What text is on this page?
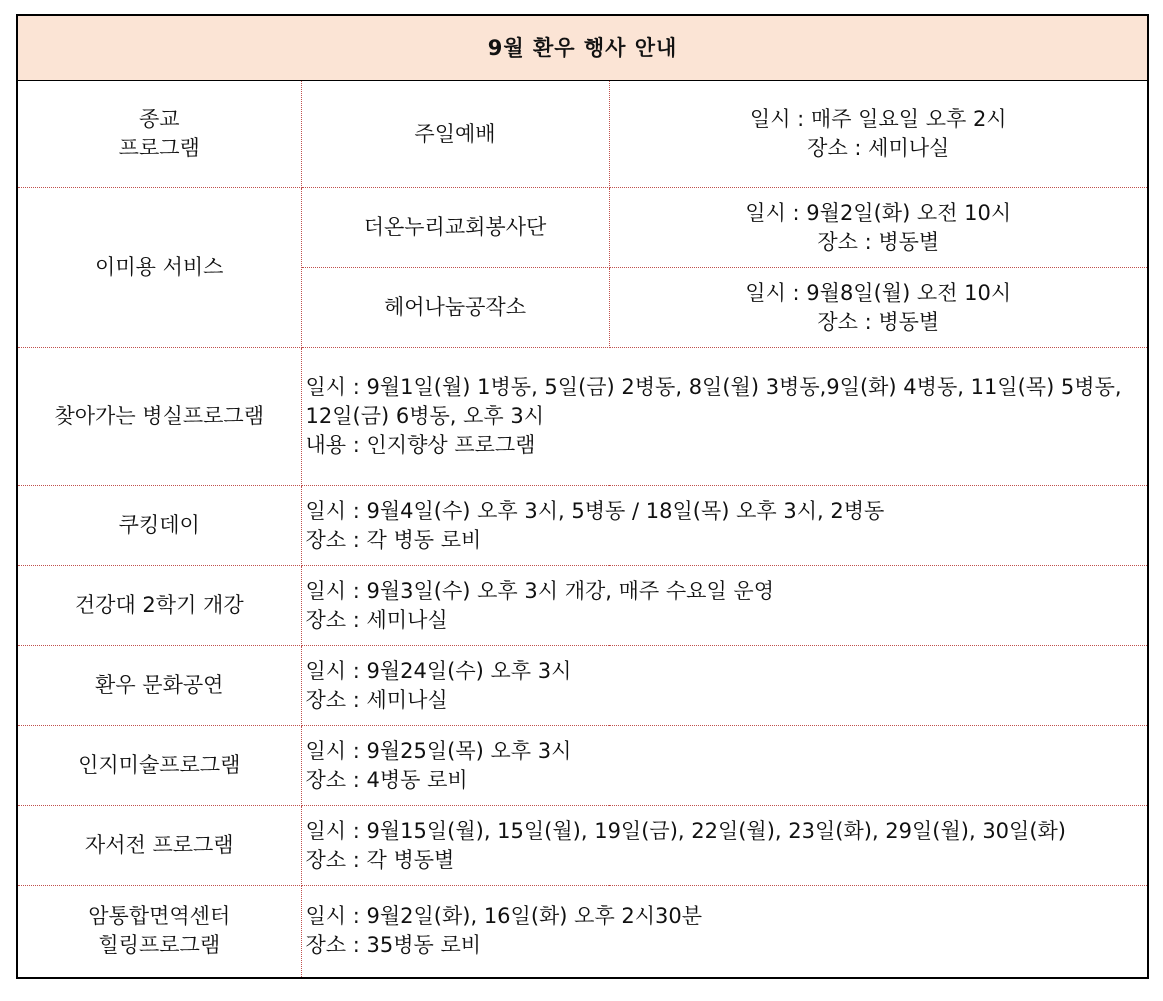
9월 환우 행사 안내		

종교
프로그램	주일예배	일시 : 매주 일요일 오후 2시
장소 : 세미나실

이미용 서비스	더온누리교회봉사단	일시 : 9월2일(화) 오전 10시
장소 : 병동별

	헤어나눔공작소	일시 : 9월8일(월) 오전 10시
장소 : 병동별

찾아가는 병실프로그램	일시 : 9월1일(월) 1병동, 5일(금) 2병동, 8일(월) 3병동,9일(화) 4병동, 11일(목) 5병동, 12일(금) 6병동, 오후 3시
내용 : 인지향상 프로그램	

쿠킹데이	일시 : 9월4일(수) 오후 3시, 5병동 / 18일(목) 오후 3시, 2병동
장소 : 각 병동 로비	

건강대 2학기 개강	일시 : 9월3일(수) 오후 3시 개강, 매주 수요일 운영
장소 : 세미나실	

환우 문화공연	일시 : 9월24일(수) 오후 3시
장소 : 세미나실	

인지미술프로그램	일시 : 9월25일(목) 오후 3시
장소 : 4병동 로비	

자서전 프로그램	일시 : 9월15일(월), 15일(월), 19일(금), 22일(월), 23일(화), 29일(월), 30일(화)
장소 : 각 병동별	

암통합면역센터
힐링프로그램	일시 : 9월2일(화), 16일(화) 오후 2시30분
장소 : 35병동 로비	
